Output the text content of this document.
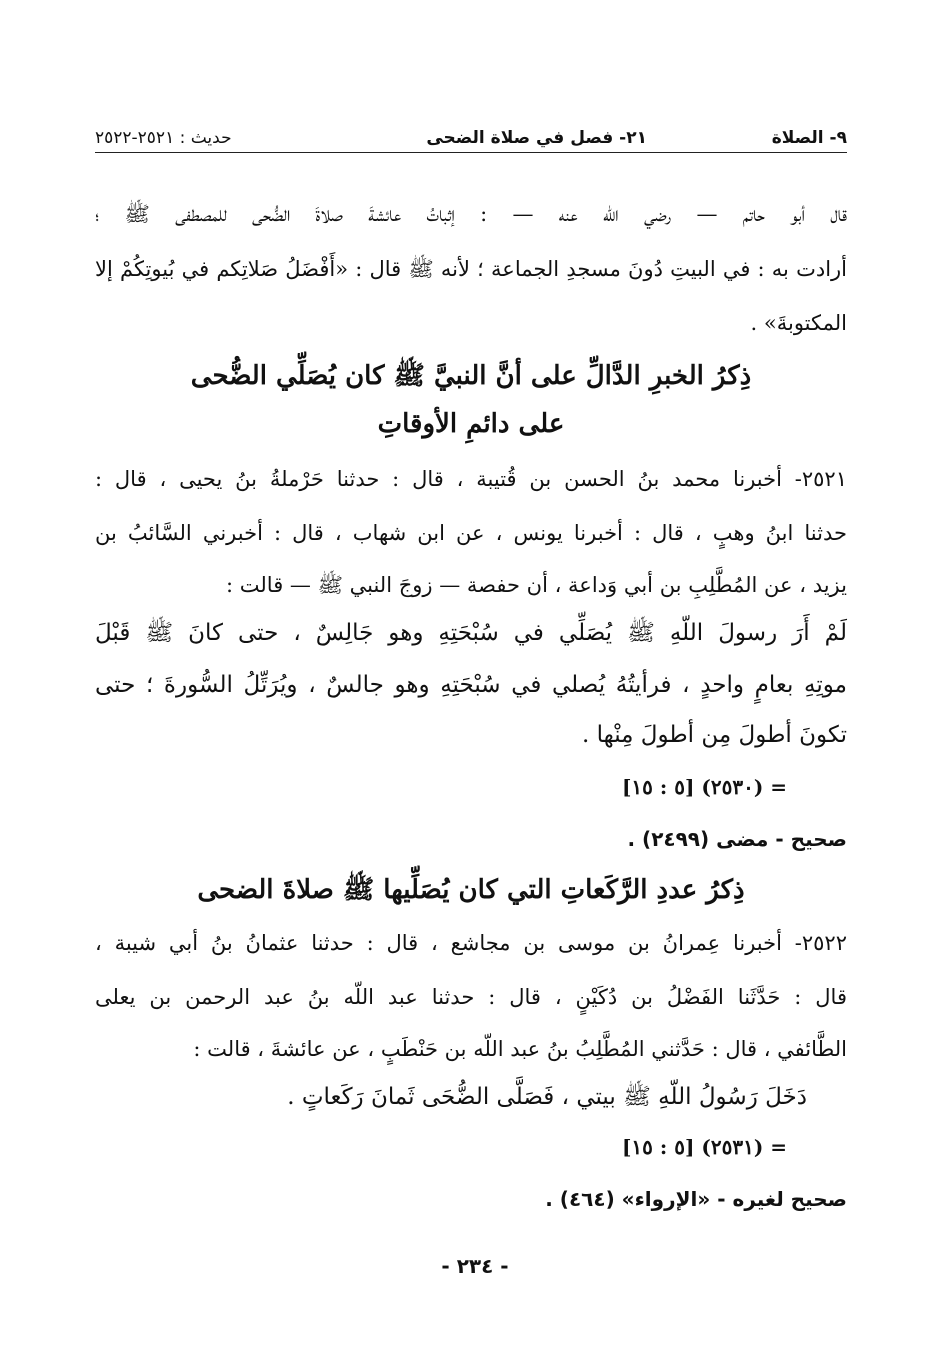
٩- الصلاة
٢١- فصل في صلاة الضحى
حديث : ٢٥٢١-٢٥٢٢
قال أبو حاتم — رضي الله عنه — : إثباتُ عائشةَ صلاةَ الضُّحى للمصطفى ﷺ ؛
أرادت به : في البيتِ دُونَ مسجدِ الجماعة ؛ لأنه ﷺ قال : «أَفْضَلُ صَلاتِكم في بُيوتِكُمْ إلا
المكتوبةَ» .
ذِكرُ الخبرِ الدَّالِّ على أنَّ النبيَّ ﷺ كان يُصَلِّي الضُّحى
على دائمِ الأوقاتِ
٢٥٢١- أخبرنا محمد بنُ الحسن بن قُتيبة ، قال : حدثنا حَرْملةُ بنُ يحيى ، قال :
حدثنا ابنُ وهبٍ ، قال : أخبرنا يونس ، عن ابن شهاب ، قال : أخبرني السَّائبُ بن
يزيد ، عن المُطَّلِبِ بن أبي وَداعة ، أن حفصة — زوجَ النبي ﷺ — قالت :
لَمْ أَرَ رسولَ اللّهِ ﷺ يُصَلِّي في سُبْحَتِهِ وهو جَالِسٌ ، حتى كانَ ﷺ قَبْلَ
موتِهِ بعامٍ واحدٍ ، فرأيتُهُ يُصلي في سُبْحَتِهِ وهو جالسٌ ، ويُرَتِّلُ السُّورةَ ؛ حتى
تكونَ أطولَ مِن أطولَ مِنْها .
= (٢٥٣٠) [٥ : ١٥]
صحيح - مضى (٢٤٩٩) .
ذِكرُ عددِ الرَّكَعاتِ التي كان يُصَلِّيها ﷺ صلاةَ الضحى
٢٥٢٢- أخبرنا عِمرانُ بن موسى بن مجاشع ، قال : حدثنا عثمانُ بنُ أبي شيبة ،
قال : حَدَّثَنا الفَضْلُ بن دُكَيْنٍ ، قال : حدثنا عبد اللّه بنُ عبد الرحمن بن يعلى
الطَّائفي ، قال : حَدَّثني المُطَّلِبُ بنُ عبد اللّه بن حَنْطَبٍ ، عن عائشةَ ، قالت :
دَخَلَ رَسُولُ اللّهِ ﷺ بيتي ، فَصَلَّى الضُّحَى ثَمانَ رَكَعاتٍ .
= (٢٥٣١) [٥ : ١٥]
صحيح لغيره - «الإرواء» (٤٦٤) .
- ٢٣٤ -
